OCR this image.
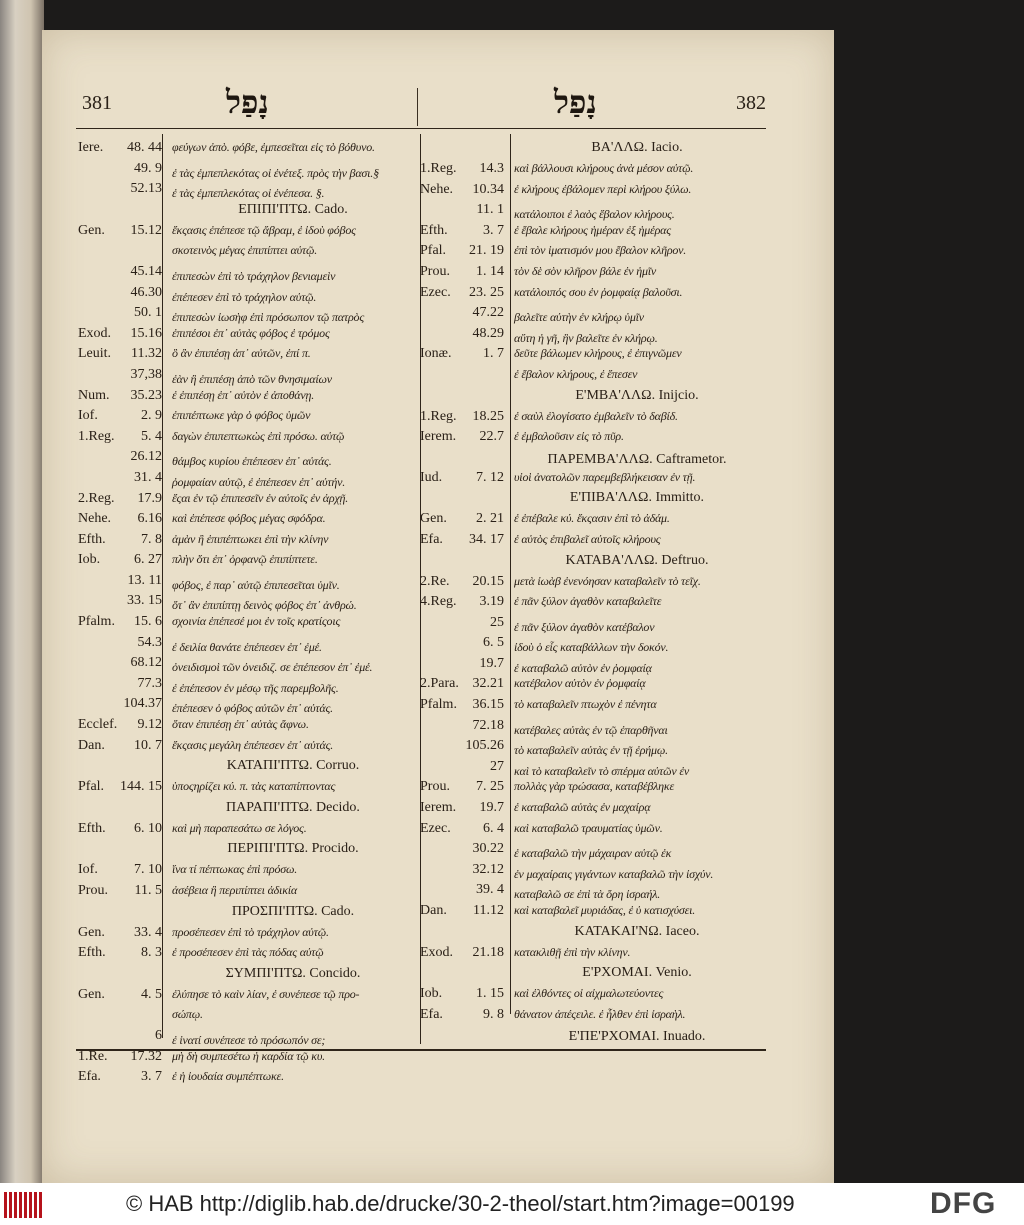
381	נָפַל	נָפַל	382
Iere.	48. 44 φεύγων ἀπὸ. φόβε, ἐμπεσεῖται εἰς τὸ βόθυνο.
49. 9 ἐ τὰς ἐμπεπλεκότας οἱ ἐνέτεξ. πρὸς τὴν βασι.§
52.13 ἐ τὰς ἐμπεπλεκότας οἱ ἐνέπεσα. §.
ΕΠΙΠΙ'ΠΤΩ. Cado.
Gen.	15.12 ἔκςασις ἐπέπεσε τῷ ἄβραμ, ἐ ἰδοὺ φόβος
σκοτεινὸς μέγας ἐπιπίπτει αὐτῷ.
45.14 ἐπιπεσὼν ἐπὶ τὸ τράχηλον βενιαμεὶν
46.30 ἐπέπεσεν ἐπὶ τὸ τράχηλον αὐτῷ.
50. 1 ἐπιπεσὼν ἰωσὴφ ἐπὶ πρόσωπον τῷ πατρὸς
Exod.	15.16 ἐπιπέσοι ἐπ᾽ αὐτὰς φόβος ἐ τρόμος
Leuit.	11.32 ὃ ἂν ἐπιπέσῃ ἀπ᾽ αὐτῶν, ἐπί π.
37,38 ἐὰν ἢ ἐπιπέσῃ ἀπὸ τῶν θνησιμαίων
Num.	35.23 ἐ ἐπιπέσῃ ἐπ᾽ αὐτὸν ἐ ἀποθάνῃ.
Iof.	2. 9 ἐπιπέπτωκε γὰρ ὁ φόβος ὑμῶν
1.Reg.	5. 4 δαγὼν ἐπιπεπτωκὼς ἐπὶ πρόσω. αὐτῷ
26.12 θάμβος κυρίου ἐπέπεσεν ἐπ᾽ αὐτάς.
31. 4 ῥομφαίαν αὐτῷ, ἐ ἐπέπεσεν ἐπ᾽ αὐτήν.
2.Reg.	17.9 ἔςαι ἐν τῷ ἐπιπεσεῖν ἐν αὐτοῖς ἐν ἀρχῇ.
Nehe.	6.16 καὶ ἐπέπεσε φόβος μέγας σφόδρα.
Efth.	7. 8 ἀμὰν ἢ ἐπιπέπτωκει ἐπὶ τὴν κλίνην
Iob.	6. 27 πλὴν ὅτι ἐπ᾽ ὀρφανῷ ἐπιπίπτετε.
13. 11 φόβος, ἐ παρ᾽ αὐτῷ ἐπιπεσεῖται ὑμῖν.
33. 15 ὅτ᾽ ἂν ἐπιπίπτῃ δεινὸς φόβος ἐπ᾽ ἀνθρώ.
Pfalm.	15. 6 σχοινία ἐπέπεσέ μοι ἐν τοῖς κρατίςοις
54.3 ἐ δειλία θανάτε ἐπέπεσεν ἐπ᾽ ἐμέ.
68.12 ὀνειδισμοὶ τῶν ὀνειδιζ. σε ἐπέπεσον ἐπ᾽ ἐμέ.
77.3 ἐ ἐπέπεσον ἐν μέσῳ τῆς παρεμβολῆς.
104.37 ἐπέπεσεν ὁ φόβος αὐτῶν ἐπ᾽ αὐτάς.
Ecclef.	9.12 ὅταν ἐπιπέσῃ ἐπ᾽ αὐτὰς ἄφνω.
Dan.	10. 7 ἔκςασις μεγάλη ἐπέπεσεν ἐπ᾽ αὐτάς.
ΚΑΤΑΠΙ'ΠΤΩ. Corruo.
Pfal.	144. 15 ὑποςηρίζει κύ. π. τὰς καταπίπτοντας
ΠΑΡΑΠΙ'ΠΤΩ. Decido.
Efth.	6. 10 καὶ μὴ παραπεσάτω σε λόγος.
ΠΕΡΙΠΙ'ΠΤΩ. Procido.
Iof.	7. 10 ἵνα τί πέπτωκας ἐπὶ πρόσω.
Prou.	11. 5 ἀσέβεια ἢ περιπίπτει ἀδικία
ΠΡΟΣΠΙ'ΠΤΩ. Cado.
Gen.	33. 4 προσέπεσεν ἐπὶ τὸ τράχηλον αὐτῷ.
Efth.	8. 3 ἐ προσέπεσεν ἐπὶ τὰς πόδας αὐτῷ
ΣΥΜΠΙ'ΠΤΩ. Concido.
Gen.	4. 5 ἐλύπησε τὸ καὶν λίαν, ἐ συνέπεσε τῷ προ-
σώπῳ.
6 ἐ ἱνατί συνέπεσε τὸ πρόσωπόν σε;
1.Re.	17.32 μὴ δὴ συμπεσέτω ἡ καρδία τῷ κυ.
Efa.	3. 7 ἐ ἡ ἰουδαία συμπέπτωκε.
ΒΑ'ΛΛΩ. Iacio.
1.Reg.	14.3 καὶ βάλλουσι κλήρους ἀνὰ μέσον αὐτῷ.
Nehe.	10.34 ἐ κλήρους ἐβάλομεν περὶ κλήρου ξύλω.
11. 1 κατάλοιποι ἐ λαὸς ἔβαλον κλήρους.
Efth.	3. 7 ἐ ἔβαλε κλήρους ἡμέραν ἐξ ἡμέρας
Pfal.	21. 19 ἐπὶ τὸν ἱματισμόν μου ἔβαλον κλῆρον.
Prou.	1. 14 τὸν δὲ σὸν κλῆρον βάλε ἐν ἡμῖν
Ezec.	23. 25 κατάλοιπός σου ἐν ῥομφαίᾳ βαλοῦσι.
47.22 βαλεῖτε αὐτὴν ἐν κλήρῳ ὑμῖν
48.29 αὕτη ἡ γῆ, ἣν βαλεῖτε ἐν κλήρῳ.
Ionæ.	1. 7 δεῦτε βάλωμεν κλήρους, ἐ ἐπιγνῶμεν
ἐ ἔβαλον κλήρους, ἐ ἔπεσεν
Ε'ΜΒΑ'ΛΛΩ. Inijcio.
1.Reg.	18.25 ἐ σαὺλ ἐλογίσατο ἐμβαλεῖν τὸ δαβίδ.
Ierem.	22.7 ἐ ἐμβαλοῦσιν εἰς τὸ πῦρ.
ΠΑΡΕΜΒΑ'ΛΛΩ. Caftrametor.
Iud.	7. 12 υἱοὶ ἀνατολῶν παρεμβεβλήκεισαν ἐν τῇ.
Ε'ΠΙΒΑ'ΛΛΩ. Immitto.
Gen.	2. 21 ἐ ἐπέβαλε κύ. ἔκςασιν ἐπὶ τὸ ἀδάμ.
Efa.	34. 17 ἐ αὐτὸς ἐπιβαλεῖ αὐτοῖς κλήρους
ΚΑΤΑΒΑ'ΛΛΩ. Deftruo.
2.Re.	20.15 μετὰ ἰωὰβ ἐνενόησαν καταβαλεῖν τὸ τεῖχ.
4.Reg.	3.19 ἐ πᾶν ξύλον ἀγαθὸν καταβαλεῖτε
25 ἐ πᾶν ξύλον ἀγαθὸν κατέβαλον
6. 5 ἰδοὺ ὁ εἷς καταβάλλων τὴν δοκόν.
19.7 ἐ καταβαλῶ αὐτὸν ἐν ῥομφαίᾳ
2.Para. 32.21 κατέβαλον αὐτὸν ἐν ῥομφαίᾳ
Pfalm.	36.15 τὸ καταβαλεῖν πτωχὸν ἐ πένητα
72.18 κατέβαλες αὐτὰς ἐν τῷ ἐπαρθῆναι
105.26 τὸ καταβαλεῖν αὐτὰς ἐν τῇ ἐρήμῳ.
27 καὶ τὸ καταβαλεῖν τὸ σπέρμα αὐτῶν ἐν
Prou.	7. 25 πολλὰς γὰρ τρώσασα, καταβέβληκε
Ierem.	19.7 ἐ καταβαλῶ αὐτὰς ἐν μαχαίρᾳ
Ezec.	6. 4 καὶ καταβαλῶ τραυματίας ὑμῶν.
30.22 ἐ καταβαλῶ τὴν μάχαιραν αὐτῷ ἐκ
32.12 ἐν μαχαίραις γιγάντων καταβαλῶ τὴν ἰσχύν.
39. 4 καταβαλῶ σε ἐπὶ τὰ ὄρη ἰσραήλ.
Dan.	11.12 καὶ καταβαλεῖ μυριάδας, ἐ ὐ κατισχύσει.
ΚΑΤΑΚΑΙ'ΝΩ. Iaceo.
Exod.	21.18 κατακλιθῇ ἐπὶ τὴν κλίνην.
Ε'ΡΧΟΜΑΙ. Venio.
Iob.	1. 15 καὶ ἐλθόντες οἱ αἰχμαλωτεύοντες
Efa.	9. 8 θάνατον ἀπέςειλε. ἐ ἦλθεν ἐπὶ ἰσραὴλ.
Ε'ΠΕ'ΡΧΟΜΑΙ. Inuado.
© HAB http://diglib.hab.de/drucke/30-2-theol/start.htm?image=00199	DFG
